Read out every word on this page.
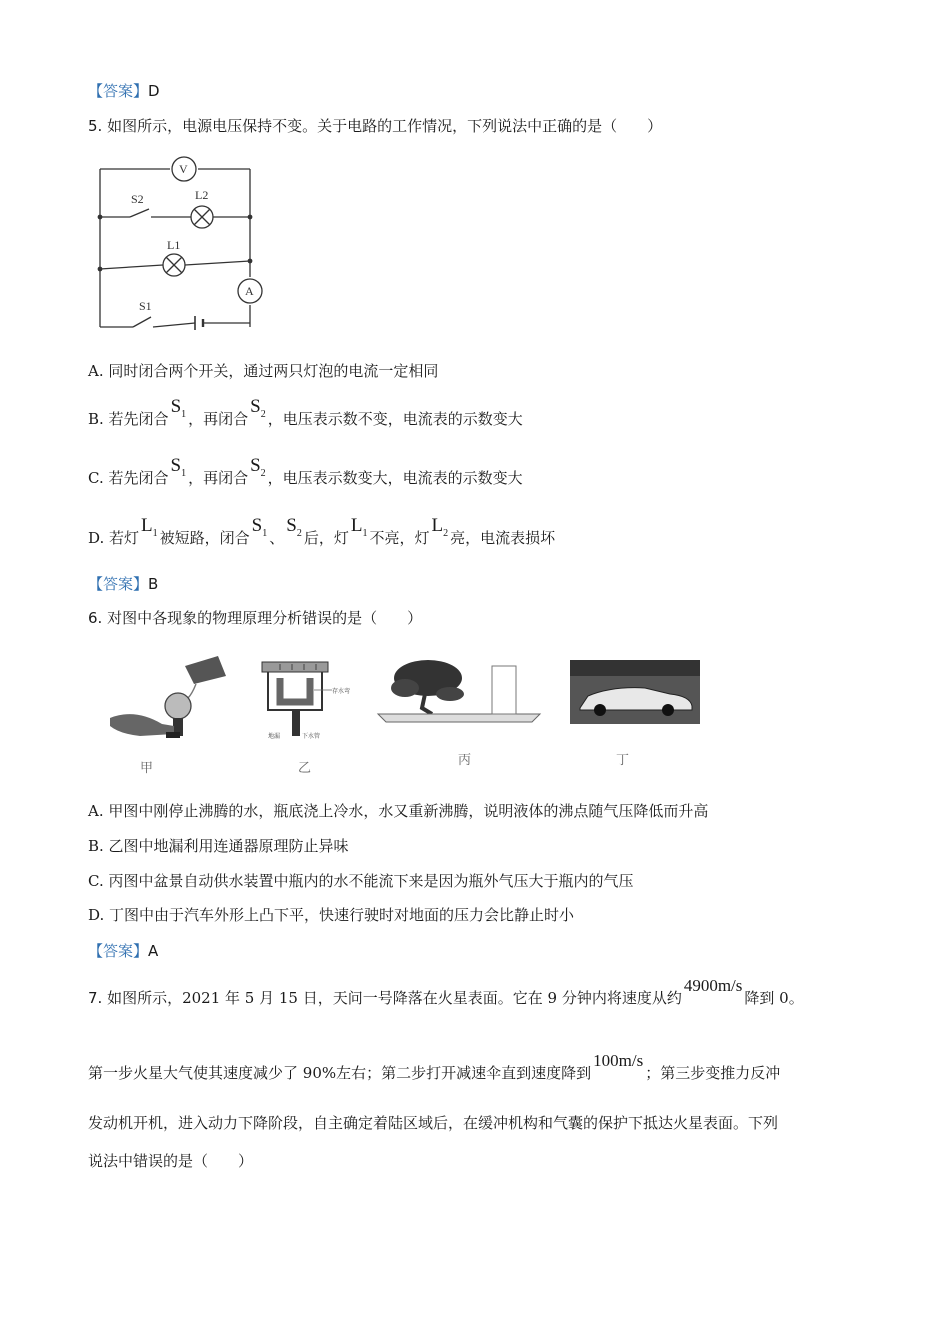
【答案】D
5. 如图所示，电源电压保持不变。关于电路的工作情况，下列说法中正确的是（　　）
V
A
S2	L2
L1
S1
A. 同时闭合两个开关，通过两只灯泡的电流一定相同
B. 若先闭合$S_1$ ，再闭合$S_2$ ，电压表示数不变，电流表的示数变大
C. 若先闭合$S_1$ ，再闭合$S_2$ ，电压表示数变大，电流表的示数变大
D. 若灯$L_1$ 被短路，闭合$S_1$ 、$S_2$ 后，灯$L_1$ 不亮，灯$L_2$ 亮，电流表损坏
【答案】B
6. 对图中各现象的物理原理分析错误的是（　　）
存水弯
地漏	下水管
甲	乙
丙	丁
A. 甲图中刚停止沸腾的水，瓶底浇上冷水，水又重新沸腾，说明液体的沸点随气压降低而升高
B. 乙图中地漏利用连通器原理防止异味
C. 丙图中盆景自动供水装置中瓶内的水不能流下来是因为瓶外气压大于瓶内的气压
D. 丁图中由于汽车外形上凸下平，快速行驶时对地面的压力会比静止时小
【答案】A
7. 如图所示，2021 年 5 月 15 日，天问一号降落在火星表面。它在 9 分钟内将速度从约4900m/s降到 0。
第一步火星大气使其速度减少了 90%左右；第二步打开减速伞直到速度降到100m/s；第三步变推力反冲
发动机开机，进入动力下降阶段，自主确定着陆区域后，在缓冲机构和气囊的保护下抵达火星表面。下列
说法中错误的是（　　）
